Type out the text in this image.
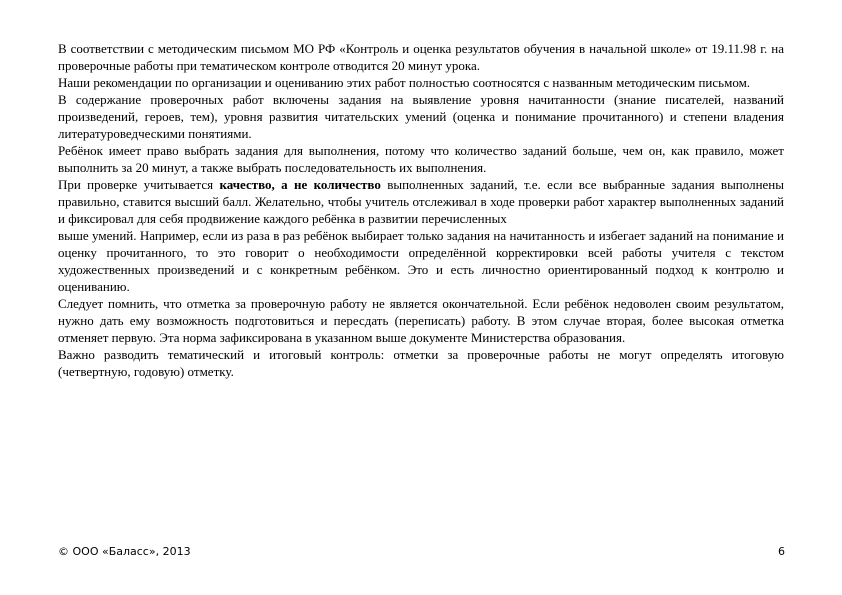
В соответствии с методическим письмом МО РФ «Контроль и оценка результатов обучения в начальной школе» от 19.11.98 г. на проверочные работы при тематическом контроле отводится 20 минут урока.

Наши рекомендации по организации и оцениванию этих работ полностью соотносятся с названным методическим письмом.

В содержание проверочных работ включены задания на выявление уровня начитанности (знание писателей, названий произведений, героев, тем), уровня развития читательских умений (оценка и понимание прочитанного) и степени владения литературоведческими понятиями.

Ребёнок имеет право выбрать задания для выполнения, потому что количество заданий больше, чем он, как правило, может выполнить за 20 минут, а также выбрать последовательность их выполнения.

При проверке учитывается качество, а не количество выполненных заданий, т.е. если все выбранные задания выполнены правильно, ставится высший балл. Желательно, чтобы учитель отслеживал в ходе проверки работ характер выполненных заданий и фиксировал для себя продвижение каждого ребёнка в развитии перечисленных

выше умений. Например, если из раза в раз ребёнок выбирает только задания на начитанность и избегает заданий на понимание и оценку прочитанного, то это говорит о необходимости определённой корректировки всей работы учителя с текстом художественных произведений и с конкретным ребёнком. Это и есть личностно ориентированный подход к контролю и оцениванию.

Следует помнить, что отметка за проверочную работу не является окончательной. Если ребёнок недоволен своим результатом, нужно дать ему возможность подготовиться и пересдать (переписать) работу. В этом случае вторая, более высокая отметка отменяет первую. Эта норма зафиксирована в указанном выше документе Министерства образования.

Важно разводить тематический и итоговый контроль: отметки за проверочные работы не могут определять итоговую (четвертную, годовую) отметку.

© ООО «Баласс», 2013	6
